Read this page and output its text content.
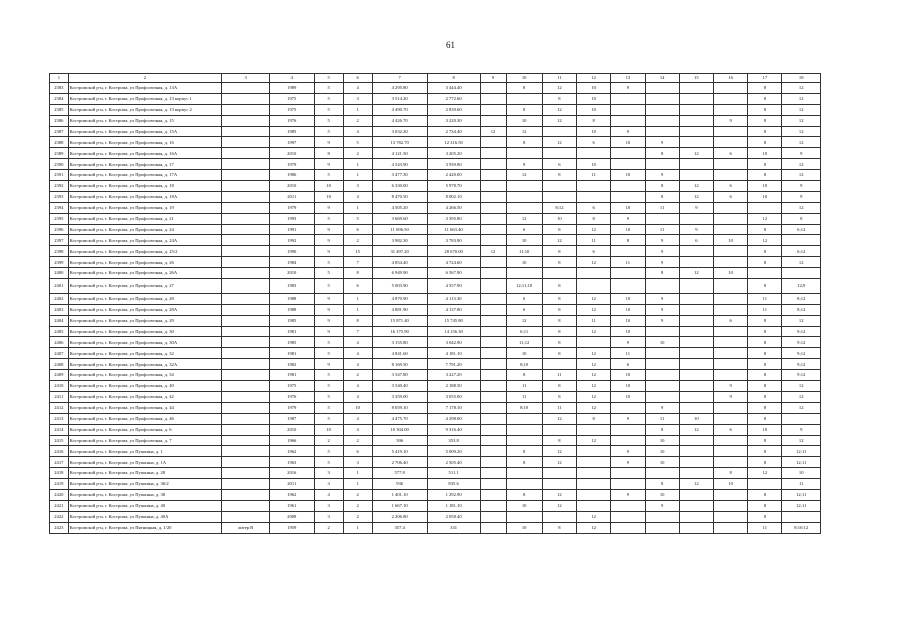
61
1	2	3	4	5	6	7	8	9	10	11	12	13	14	15	16	17	18
2383	Костромской р-н, г. Кострома, ул Профсоюзная, д. 13А		1989	5	4	4 295.80	3 444.40		8	12	10	9				8	12
2384	Костромской р-н, г. Кострома, ул Профсоюзная, д. 13 корпус 1		1975	5	3	3 514.20	2 772.60			8	10					8	12
2385	Костромской р-н, г. Кострома, ул Профсоюзная, д. 13 корпус 2		1975	5	1	4 490.70	2 839.60		8	12	10					8	12
2386	Костромской р-н, г. Кострома, ул Профсоюзная, д. 15		1976	5	2	4 426.70	3 220.30		10	12	8				9	8	12
2387	Костромской р-н, г. Кострома, ул Профсоюзная, д. 15А		1985	5	4	3 032.20	2 734.40	12	12		10	9				8	12
2388	Костромской р-н, г. Кострома, ул Профсоюзная, д. 16		1997	9	5	13 782.70	12 316.50		8	12	6	10	9			8	12
2389	Костромской р-н, г. Кострома, ул Профсоюзная, д. 16А		2010	8	2	4 121.50	3 205.20						8	12	6	10	9
2390	Костромской р-н, г. Кострома, ул Профсоюзная, д. 17		1979	9	1	4 543.90	3 939.80		9	6	10					8	12
2391	Костромской р-н, г. Кострома, ул Профсоюзная, д. 17А		1986	5	1	3 477.30	2 420.00		12	8	11	10	9			8	12
2392	Костромской р-н, г. Кострома, ул Профсоюзная, д. 18		2010	10	3	6 330.00	5 978.70						8	12	6	10	9
2393	Костромской р-н, г. Кострома, ул Профсоюзная, д. 18А		2011	10	4	8 470.50	8 002.10						8	12	6	10	9
2394	Костромской р-н, г. Кострома, ул Профсоюзная, д. 19		1979	9	1	4 505.20	4 266.50			8;12	6	10	11	9			12
2395	Костромской р-н, г. Кострома, ул Профсоюзная, д. 21		1993	5	5	3 669.60	3 395.80		12	10	8	9				12	8
2396	Костромской р-н, г. Кострома, ул Профсоюзная, д. 24		1991	9	6	11 696.50	11 663.40		6	8	12	10	11	9		8	6;12
2397	Костромской р-н, г. Кострома, ул Профсоюзная, д. 24А		1992	9	2	3 982.30	3 783.90		10	12	11	8	9	6	10	12	
2398	Костромской р-н, г. Кострома, ул Профсоюзная, д. 25/2		1990	9	15	31 497.20	28 670.00	12	11;10	8	6		9			8	6;12
2399	Костромской р-н, г. Кострома, ул Профсоюзная, д. 26		1984	5	7	4 854.40	4 724.60		10	8	12	11	9			8	12
2400	Костромской р-н, г. Кострома, ул Профсоюзная, д. 26А		2010	5	8	6 949.90	6 567.90						8	12	10		
2401	Костромской р-н, г. Кострома, ул Профсоюзная, д. 27		1983	5	6	5 003.90	4 557.90		12;11;10	8						8	12;9
2402	Костромской р-н, г. Кострома, ул Профсоюзная, д. 28		1988	9	1	4 870.90	4 113.30		6	8	12	10	9			11	8;12
2403	Костромской р-н, г. Кострома, ул Профсоюзная, д. 28А		1988	9	1	4 881.90	4 137.80		6	8	12	10	9			11	8;12
2404	Костромской р-н, г. Кострома, ул Профсоюзная, д. 29		1985	9	8	15 871.40	15 745.80		12	8	11	10	9		6	8	12
2405	Костромской р-н, г. Кострома, ул Профсоюзная, д. 30		1981	9	7	16 175.90	14 156.30		6;11	8	12	10				8	9;12
2406	Костромской р-н, г. Кострома, ул Профсоюзная, д. 30А		1985	5	4	3 155.80	3 042.90		11;12	8		9	10			8	9;12
2407	Костромской р-н, г. Кострома, ул Профсоюзная, д. 32		1981	5	4	4 841.60	4 181.10		10	8	12	11				8	9;12
2408	Костромской р-н, г. Кострома, ул Профсоюзная, д. 32А		1982	9	4	8 169.50	7 791.20		8;10		12	6				8	9;12
2409	Костромской р-н, г. Кострома, ул Профсоюзная, д. 34		1981	5	2	3 547.80	3 227.20		8	11	12	10				8	9;12
2410	Костромской р-н, г. Кострома, ул Профсоюзная, д. 40		1975	5	4	3 540.40	2 188.50		11	8	12	10			9	8	12
2411	Костромской р-н, г. Кострома, ул Профсоюзная, д. 42		1976	5	4	3 359.00	3 055.00		11	8	12	10			9	8	12
2412	Костромской р-н, г. Кострома, ул Профсоюзная, д. 44		1979	5	10	8 059.10	7 178.10		8;10	11	12		9			8	12
2413	Костромской р-н, г. Кострома, ул Профсоюзная, д. 46		1987	5	4	4 475.70	4 298.00			12	8	9	11	10		8	
2414	Костромской р-н, г. Кострома, ул Профсоюзная, д. 6		2010	10	4	10 304.00	9 316.40						8	12	6	10	9
2415	Костромской р-н, г. Кострома, ул Профсоюзная, д. 7		1966	2	2	396	353.8			8	12		10			8	12
2416	Костромской р-н, г. Кострома, ул Пушкина, д. 1		1962	5	6	5 419.10	5 009.20		8	12		9	10			8	12;11
2417	Костромской р-н, г. Кострома, ул Пушкина, д. 1А		1963	5	3	2 706.40	2 505.40		8	12		9	10			8	12;11
2418	Костромской р-н, г. Кострома, ул Пушкина, д. 28		2016	3	1	577.8	511.1								8	12	10
2419	Костромской р-н, г. Кострома, ул Пушкина, д. 36/2		2011	3	1	936	835.6						8	12	10		11
2420	Костромской р-н, г. Кострома, ул Пушкина, д. 38		1962	4	2	1 401.10	1 292.90		8	12		9	10			8	12;11
2421	Костромской р-н, г. Кострома, ул Пушкина, д. 40		1961	3	2	1 667.10	1 181.10		10	12			9			8	12;11
2422	Костромской р-н, г. Кострома, ул Пушкина, д. 40А		2008	3	2	2 206.80	2 058.40				12					8	
2423	Костромской р-н, г. Кострома, ул Пятницкая, д. 1/20	литер В	1959	2	1	357.4	331		10	8	12					11	8;10;12
